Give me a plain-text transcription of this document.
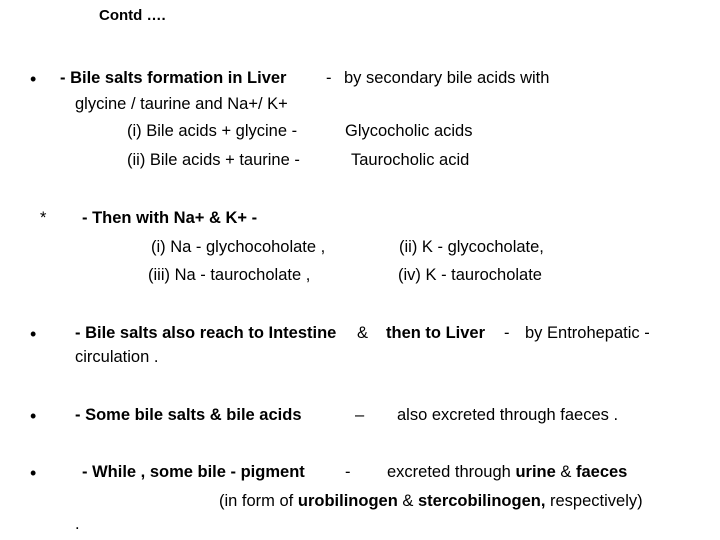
Contd ….
• - Bile salts formation in Liver - by secondary bile acids with
glycine / taurine and Na+/ K+
(i) Bile acids + glycine -	Glycocholic acids
(ii) Bile acids + taurine -	Taurocholic acid
* - Then with Na+ & K+ -
(i) Na - glychocoholate ,	(ii) K - glycocholate,
(iii) Na - taurocholate ,	(iv) K - taurocholate
• - Bile salts also reach to Intestine & then to Liver - by Entrohepatic -
circulation .
• - Some bile salts & bile acids	– also excreted through faeces .
•	- While , some bile - pigment - excreted through urine & faeces
(in form of urobilinogen & stercobilinogen, respectively)
.
